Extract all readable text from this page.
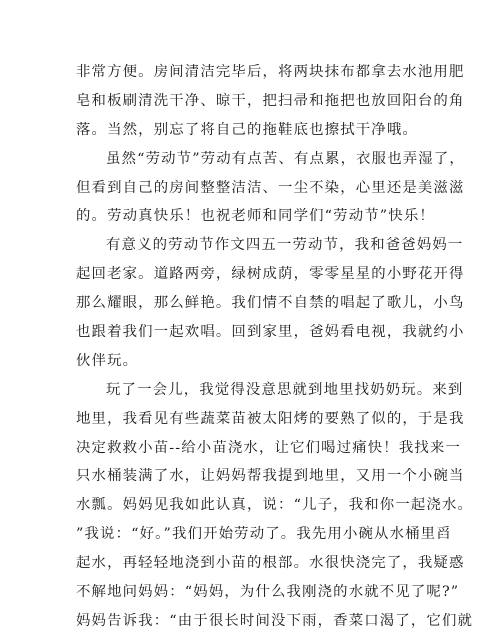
非常方便。房间清洁完毕后，将两块抹布都拿去水池用肥
皂和板刷清洗干净、晾干，把扫帚和拖把也放回阳台的角
落。当然，别忘了将自己的拖鞋底也擦拭干净哦。
虽然“劳动节”劳动有点苦、有点累，衣服也弄湿了，
但看到自己的房间整整洁洁、一尘不染，心里还是美滋滋
的。劳动真快乐！也祝老师和同学们“劳动节”快乐！
有意义的劳动节作文四五一劳动节，我和爸爸妈妈一
起回老家。道路两旁，绿树成荫，零零星星的小野花开得
那么耀眼，那么鲜艳。我们情不自禁的唱起了歌儿，小鸟
也跟着我们一起欢唱。回到家里，爸妈看电视，我就约小
伙伴玩。
玩了一会儿，我觉得没意思就到地里找奶奶玩。来到
地里，我看见有些蔬菜苗被太阳烤的要熟了似的，于是我
决定救救小苗--给小苗浇水，让它们喝过痛快！我找来一
只水桶装满了水，让妈妈帮我提到地里，又用一个小碗当
水瓢。妈妈见我如此认真，说：“儿子，我和你一起浇水。
”我说：“好。”我们开始劳动了。我先用小碗从水桶里舀
起水，再轻轻地浇到小苗的根部。水很快浇完了，我疑惑
不解地问妈妈：“妈妈，为什么我刚浇的水就不见了呢?”
妈妈告诉我：“由于很长时间没下雨，香菜口渴了，它们就
